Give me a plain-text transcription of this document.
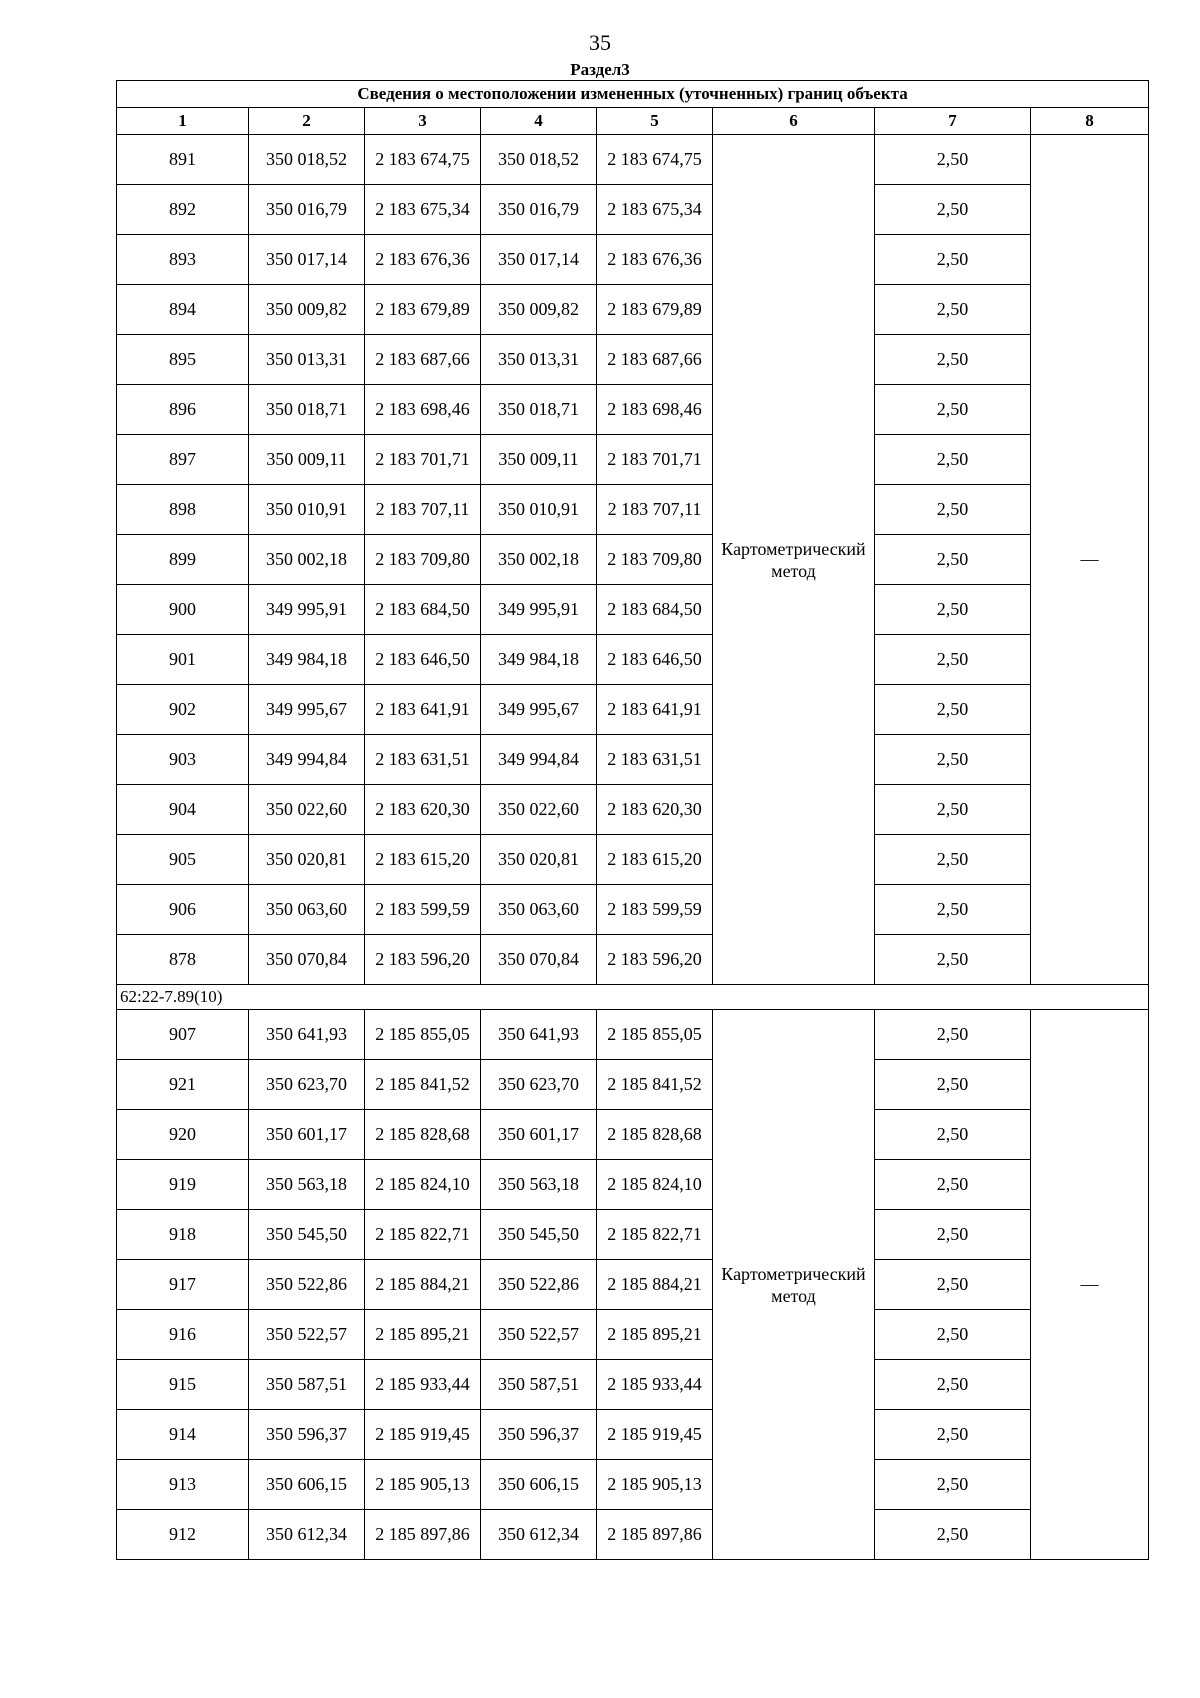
35
Раздел3
Сведения о местоположении измененных (уточненных) границ объекта							
1	2	3	4	5	6	7	8
891	350 018,52	2 183 674,75	350 018,52	2 183 674,75	Картометрический метод	2,50	—
892	350 016,79	2 183 675,34	350 016,79	2 183 675,34		2,50	
893	350 017,14	2 183 676,36	350 017,14	2 183 676,36		2,50	
894	350 009,82	2 183 679,89	350 009,82	2 183 679,89		2,50	
895	350 013,31	2 183 687,66	350 013,31	2 183 687,66		2,50	
896	350 018,71	2 183 698,46	350 018,71	2 183 698,46		2,50	
897	350 009,11	2 183 701,71	350 009,11	2 183 701,71		2,50	
898	350 010,91	2 183 707,11	350 010,91	2 183 707,11		2,50	
899	350 002,18	2 183 709,80	350 002,18	2 183 709,80		2,50	
900	349 995,91	2 183 684,50	349 995,91	2 183 684,50		2,50	
901	349 984,18	2 183 646,50	349 984,18	2 183 646,50		2,50	
902	349 995,67	2 183 641,91	349 995,67	2 183 641,91		2,50	
903	349 994,84	2 183 631,51	349 994,84	2 183 631,51		2,50	
904	350 022,60	2 183 620,30	350 022,60	2 183 620,30		2,50	
905	350 020,81	2 183 615,20	350 020,81	2 183 615,20		2,50	
906	350 063,60	2 183 599,59	350 063,60	2 183 599,59		2,50	
878	350 070,84	2 183 596,20	350 070,84	2 183 596,20		2,50	
62:22-7.89(10)							
907	350 641,93	2 185 855,05	350 641,93	2 185 855,05	Картометрический метод	2,50	—
921	350 623,70	2 185 841,52	350 623,70	2 185 841,52		2,50	
920	350 601,17	2 185 828,68	350 601,17	2 185 828,68		2,50	
919	350 563,18	2 185 824,10	350 563,18	2 185 824,10		2,50	
918	350 545,50	2 185 822,71	350 545,50	2 185 822,71		2,50	
917	350 522,86	2 185 884,21	350 522,86	2 185 884,21		2,50	
916	350 522,57	2 185 895,21	350 522,57	2 185 895,21		2,50	
915	350 587,51	2 185 933,44	350 587,51	2 185 933,44		2,50	
914	350 596,37	2 185 919,45	350 596,37	2 185 919,45		2,50	
913	350 606,15	2 185 905,13	350 606,15	2 185 905,13		2,50	
912	350 612,34	2 185 897,86	350 612,34	2 185 897,86		2,50	
